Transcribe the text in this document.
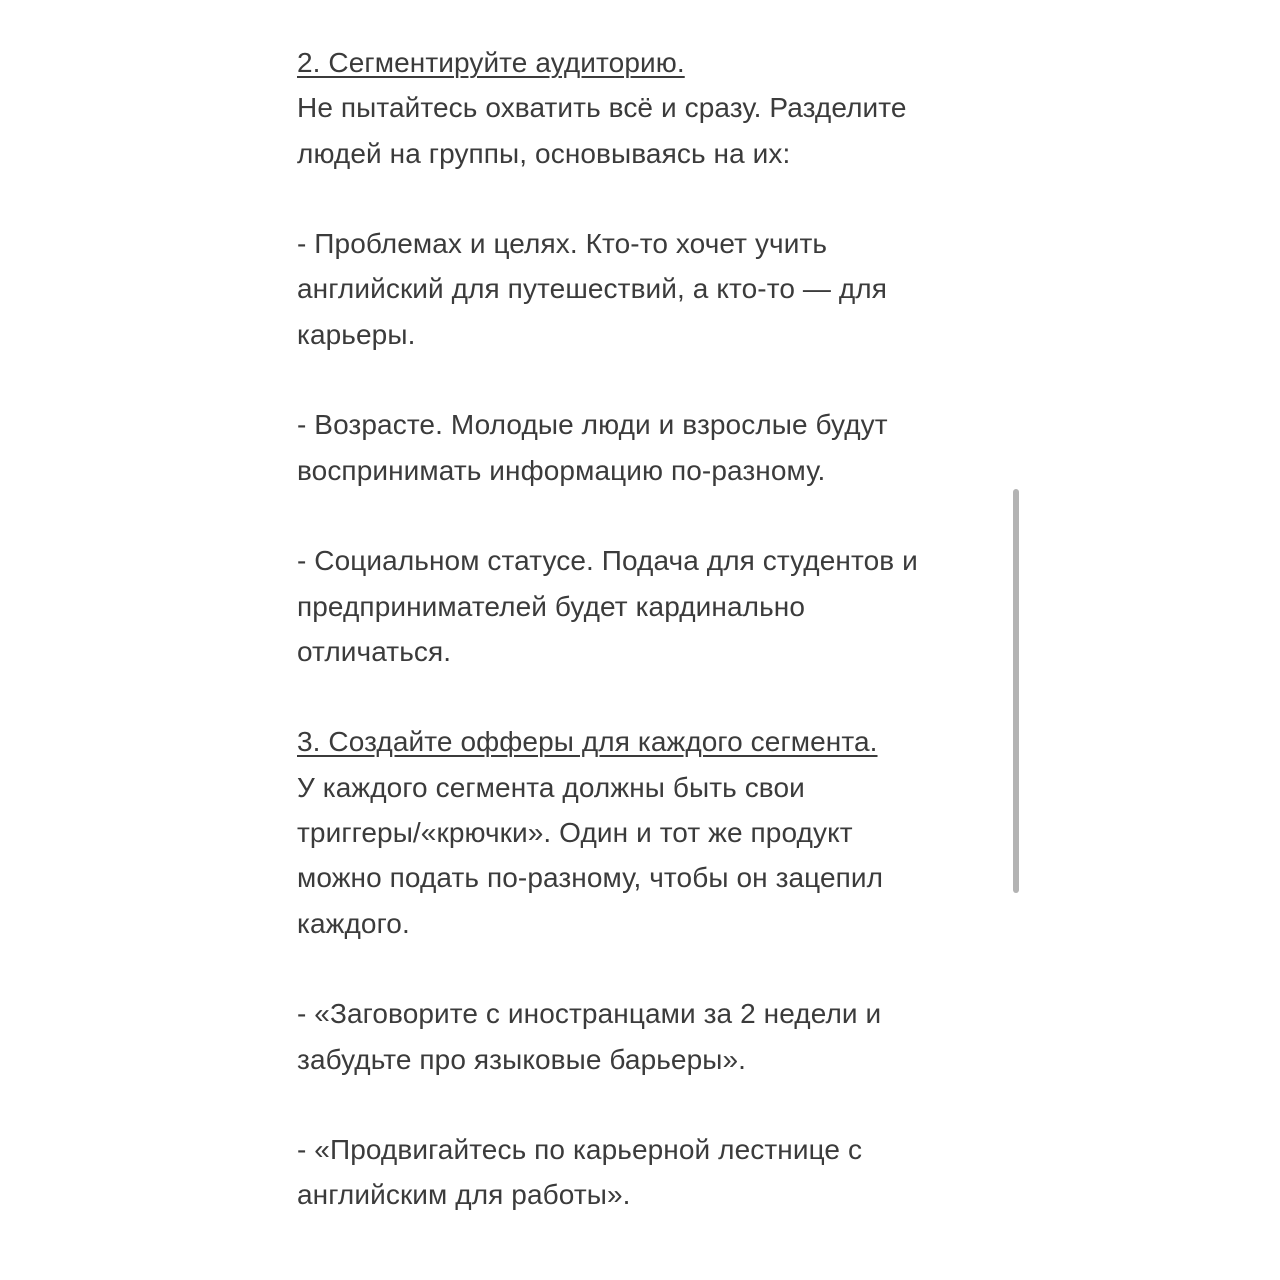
2. Сегментируйте аудиторию.
Не пытайтесь охватить всё и сразу. Разделите
людей на группы, основываясь на их:
- Проблемах и целях. Кто-то хочет учить
английский для путешествий, а кто-то — для
карьеры.
- Возрасте. Молодые люди и взрослые будут
воспринимать информацию по-разному.
- Социальном статусе. Подача для студентов и
предпринимателей будет кардинально
отличаться.
3. Создайте офферы для каждого сегмента.
У каждого сегмента должны быть свои
триггеры/«крючки». Один и тот же продукт
можно подать по-разному, чтобы он зацепил
каждого.
- «Заговорите с иностранцами за 2 недели и
забудьте про языковые барьеры».
- «Продвигайтесь по карьерной лестнице с
английским для работы».
